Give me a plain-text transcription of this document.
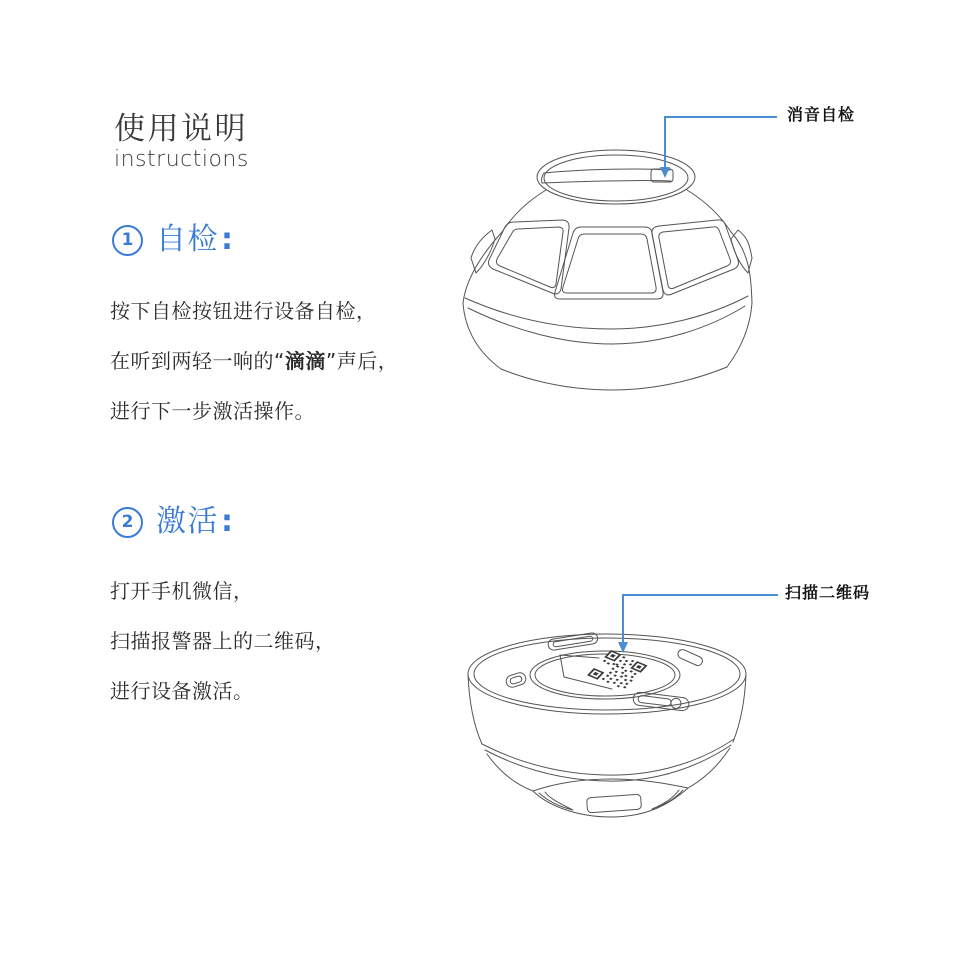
使用说明
instructions
1 自检 :
按下自检按钮进行设备自检，
在听到两轻一响的“滴滴”声后，
进行下一步激活操作。
2 激活 :
打开手机微信，
扫描报警器上的二维码，
进行设备激活。
消音自检
扫描二维码
